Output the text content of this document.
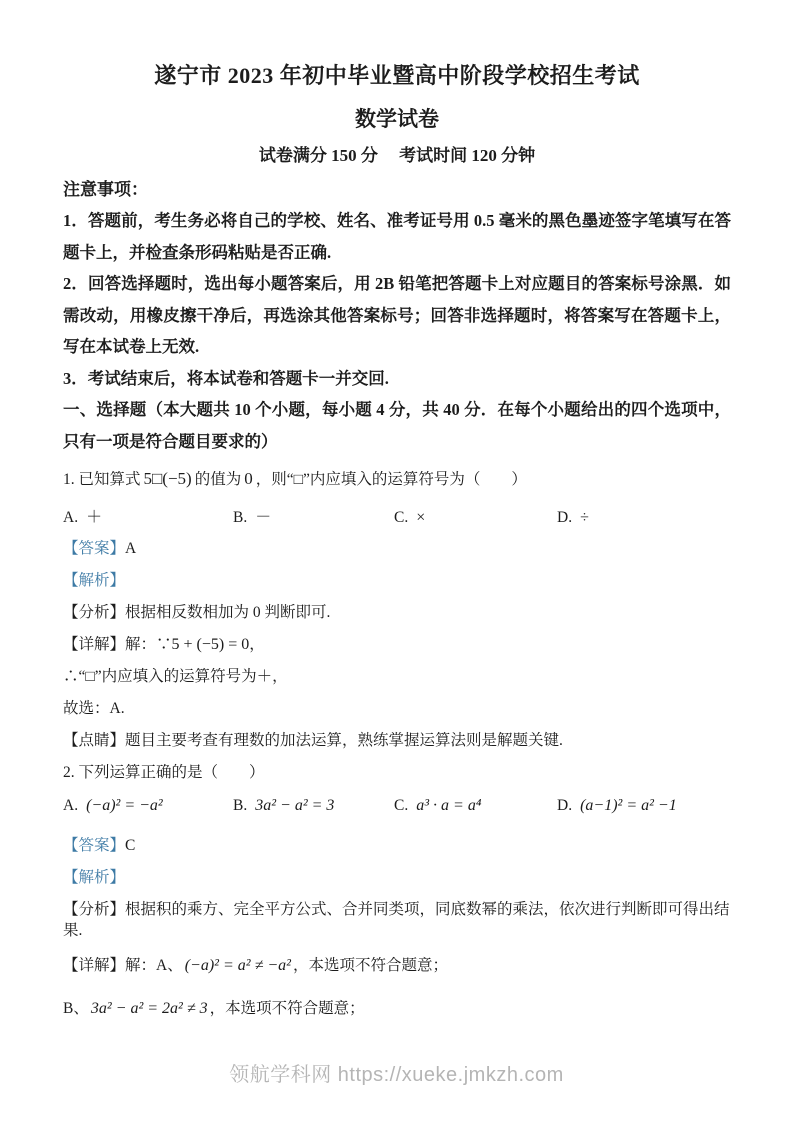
遂宁市 2023 年初中毕业暨高中阶段学校招生考试

数学试卷

试卷满分 150 分　 考试时间 120 分钟

注意事项：

1．答题前，考生务必将自己的学校、姓名、准考证号用 0.5 毫米的黑色墨迹签字笔填写在答题卡上，并检查条形码粘贴是否正确.

2．回答选择题时，选出每小题答案后，用 2B 铅笔把答题卡上对应题目的答案标号涂黑．如需改动，用橡皮擦干净后，再选涂其他答案标号；回答非选择题时，将答案写在答题卡上，写在本试卷上无效.

3．考试结束后，将本试卷和答题卡一并交回.

一、选择题（本大题共 10 个小题，每小题 4 分，共 40 分．在每个小题给出的四个选项中，只有一项是符合题目要求的）

1. 已知算式 5□(−5) 的值为 0 ，则“□”内应填入的运算符号为（　　）

A. ＋	B. －	C. ×	D. ÷

【答案】A

【解析】

【分析】根据相反数相加为 0 判断即可.

【详解】解：∵5 + (−5) = 0，

∴“□”内应填入的运算符号为＋，

故选：A.

【点睛】题目主要考查有理数的加法运算，熟练掌握运算法则是解题关键.

2. 下列运算正确的是（　　）

A. (−a)² = −a²	B. 3a² − a² = 3	C. a³ · a = a⁴	D. (a−1)² = a² −1

【答案】C

【解析】

【分析】根据积的乘方、完全平方公式、合并同类项，同底数幂的乘法，依次进行判断即可得出结果.

【详解】解：A、 (−a)² = a² ≠ −a² ，本选项不符合题意；

B、 3a² − a² = 2a² ≠ 3 ，本选项不符合题意；

领航学科网 https://xueke.jmkzh.com
